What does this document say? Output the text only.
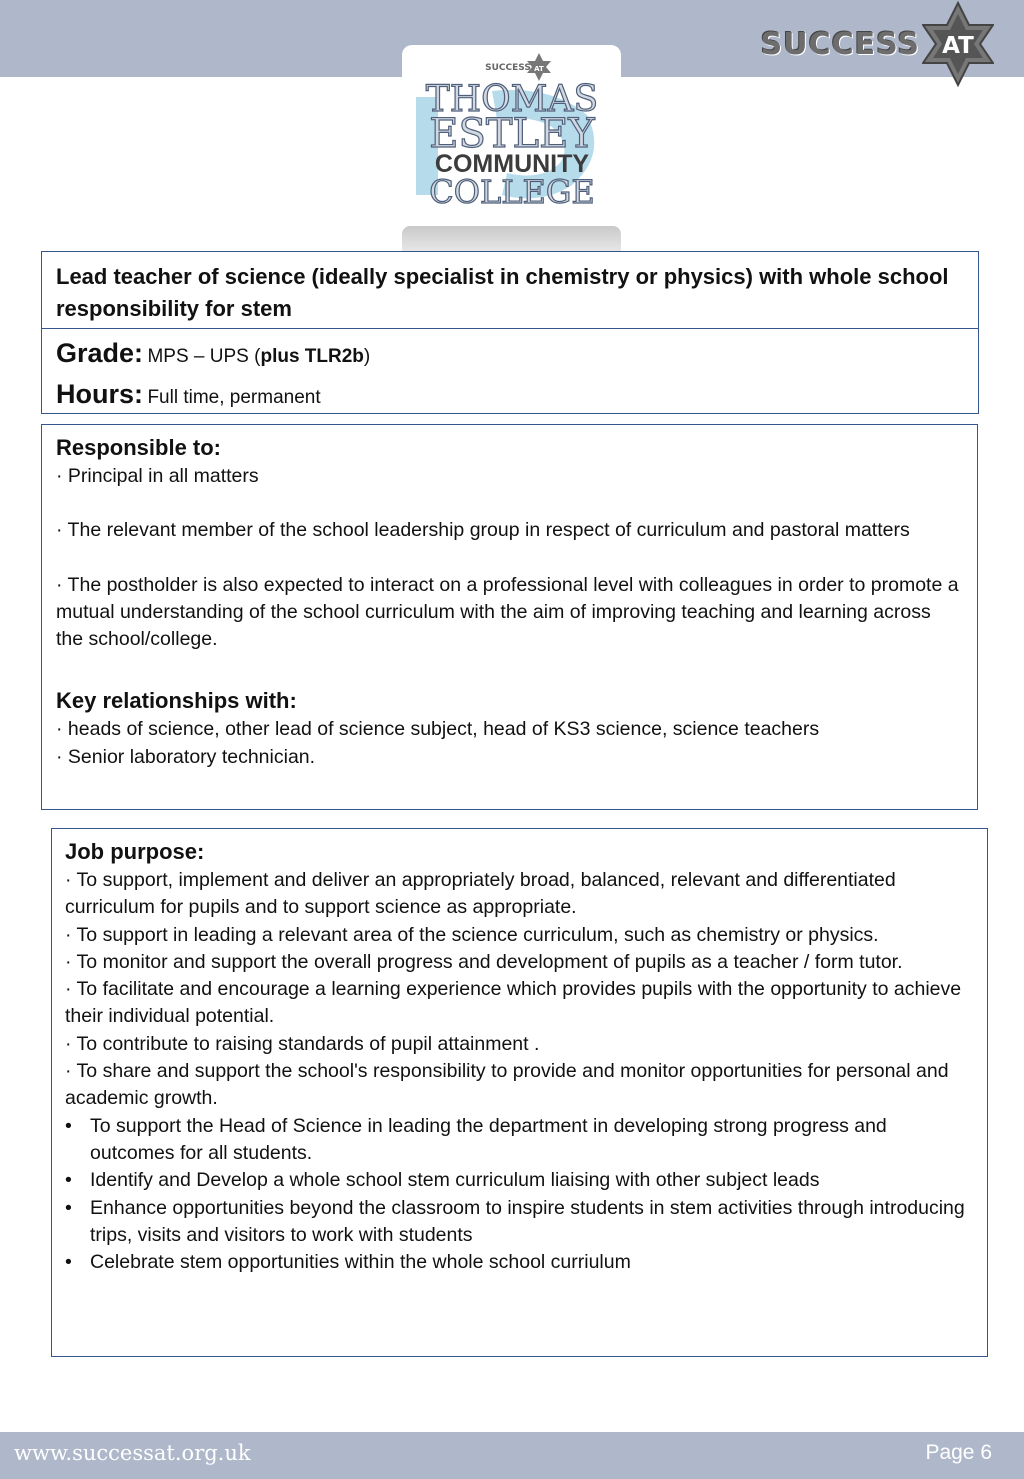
SUCCESS AT
SUCCESS AT
THOMAS
ESTLEY
COMMUNITY
COLLEGE
Lead teacher of science (ideally specialist in chemistry or physics) with whole school responsibility for stem
Grade: MPS – UPS (plus TLR2b)
Hours: Full time, permanent
Responsible to:
· Principal in all matters
· The relevant member of the school leadership group in respect of curriculum and pastoral matters
· The postholder is also expected to interact on a professional level with colleagues in order to promote a mutual understanding of the school curriculum with the aim of improving teaching and learning across the school/college.
Key relationships with:
· heads of science, other lead of science subject, head of KS3 science, science teachers
· Senior laboratory technician.
Job purpose:
· To support, implement and deliver an appropriately broad, balanced, relevant and differentiated curriculum for pupils and to support science as appropriate.
· To support in leading a relevant area of the science curriculum, such as chemistry or physics.
· To monitor and support the overall progress and development of pupils as a teacher / form tutor.
· To facilitate and encourage a learning experience which provides pupils with the opportunity to achieve their individual potential.
· To contribute to raising standards of pupil attainment .
· To share and support the school's responsibility to provide and monitor opportunities for personal and academic growth.
• To support the Head of Science in leading the department in developing strong progress and outcomes for all students.
• Identify and Develop a whole school stem curriculum liaising with other subject leads
• Enhance opportunities beyond the classroom to inspire students in stem activities through introducing trips, visits and visitors to work with students
• Celebrate stem opportunities within the whole school curriulum
www.successat.org.uk	Page 6
